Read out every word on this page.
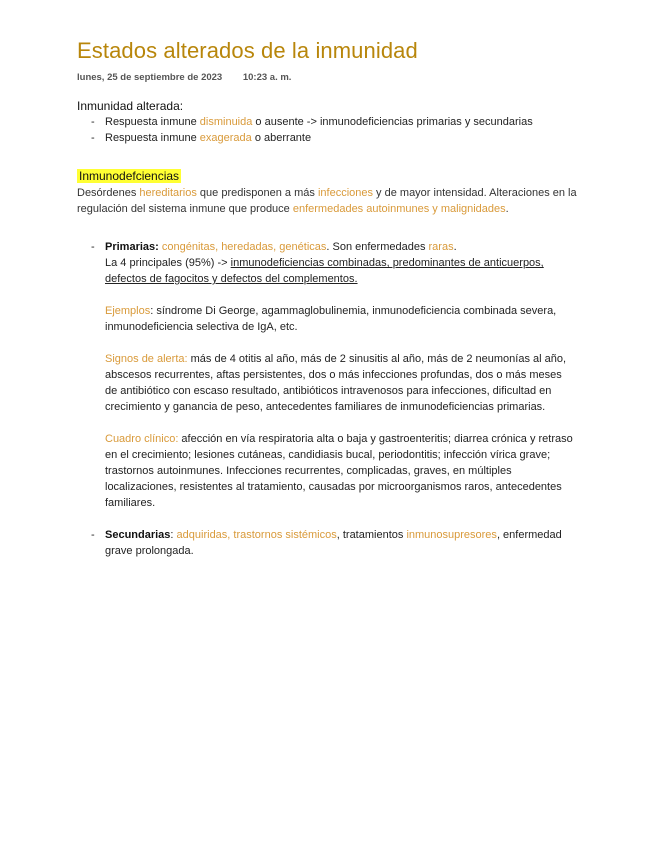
Estados alterados de la inmunidad
lunes, 25 de septiembre de 2023 10:23 a. m.
Inmunidad alterada:
- Respuesta inmune disminuida o ausente -> inmunodeficiencias primarias y secundarias
- Respuesta inmune exagerada o aberrante
Inmunodefciencias

Desórdenes hereditarios que predisponen a más infecciones y de mayor intensidad. Alteraciones en la regulación del sistema inmune que produce enfermedades autoinmunes y malignidades.

- Primarias: congénitas, heredadas, genéticas. Son enfermedades raras.
La 4 principales (95%) -> inmunodeficiencias combinadas, predominantes de anticuerpos, defectos de fagocitos y defectos del complementos.
Ejemplos: síndrome Di George, agammaglobulinemia, inmunodeficiencia combinada severa, inmunodeficiencia selectiva de IgA, etc.
Signos de alerta: más de 4 otitis al año, más de 2 sinusitis al año, más de 2 neumonías al año, abscesos recurrentes, aftas persistentes, dos o más infecciones profundas, dos o más meses de antibiótico con escaso resultado, antibióticos intravenosos para infecciones, dificultad en crecimiento y ganancia de peso, antecedentes familiares de inmunodeficiencias primarias.
Cuadro clínico: afección en vía respiratoria alta o baja y gastroenteritis; diarrea crónica y retraso en el crecimiento; lesiones cutáneas, candidiasis bucal, periodontitis; infección vírica grave; trastornos autoinmunes. Infecciones recurrentes, complicadas, graves, en múltiples localizaciones, resistentes al tratamiento, causadas por microorganismos raros, antecedentes familiares.
- Secundarias: adquiridas, trastornos sistémicos, tratamientos inmunosupresores, enfermedad grave prolongada.
